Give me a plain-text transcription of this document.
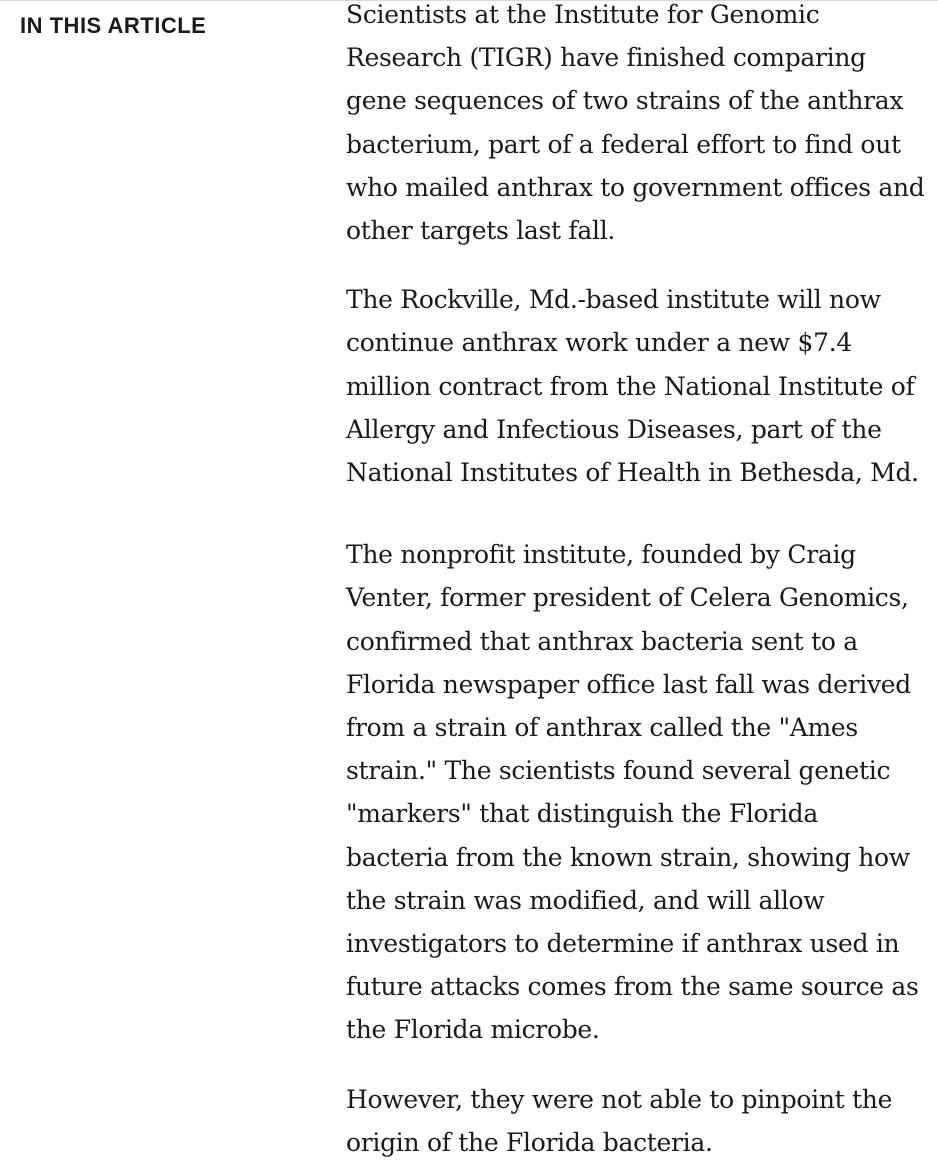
IN THIS ARTICLE	Scientists at the Institute for Genomic Research (TIGR) have finished comparing gene sequences of two strains of the anthrax bacterium, part of a federal effort to find out who mailed anthrax to government offices and other targets last fall.

The Rockville, Md.-based institute will now continue anthrax work under a new $7.4 million contract from the National Institute of Allergy and Infectious Diseases, part of the National Institutes of Health in Bethesda, Md.

The nonprofit institute, founded by Craig Venter, former president of Celera Genomics, confirmed that anthrax bacteria sent to a Florida newspaper office last fall was derived from a strain of anthrax called the "Ames strain." The scientists found several genetic "markers" that distinguish the Florida bacteria from the known strain, showing how the strain was modified, and will allow investigators to determine if anthrax used in future attacks comes from the same source as the Florida microbe.

However, they were not able to pinpoint the origin of the Florida bacteria.
